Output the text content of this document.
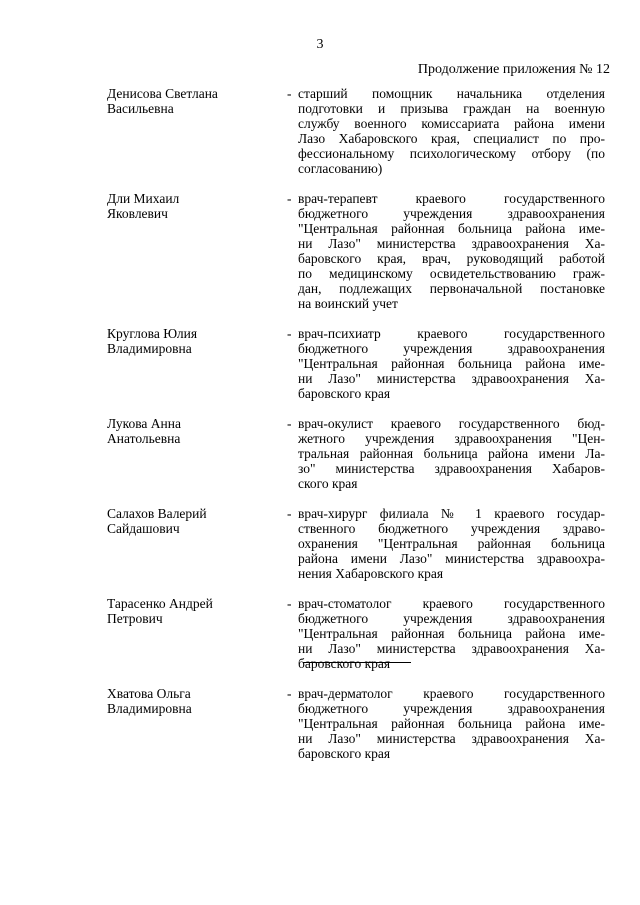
3
Продолжение приложения № 12
Денисова Светлана
Васильевна
- старший помощник начальника отделения
подготовки и призыва граждан на военную
службу военного комиссариата района имени
Лазо Хабаровского края, специалист по про-
фессиональному психологическому отбору (по
согласованию)
Дли Михаил
Яковлевич
- врач-терапевт краевого государственного
бюджетного учреждения здравоохранения
"Центральная районная больница района име-
ни Лазо" министерства здравоохранения Ха-
баровского края, врач, руководящий работой
по медицинскому освидетельствованию граж-
дан, подлежащих первоначальной постановке
на воинский учет
Круглова Юлия
Владимировна
- врач-психиатр краевого государственного
бюджетного учреждения здравоохранения
"Центральная районная больница района име-
ни Лазо" министерства здравоохранения Ха-
баровского края
Лукова Анна
Анатольевна
- врач-окулист краевого государственного бюд-
жетного учреждения здравоохранения "Цен-
тральная районная больница района имени Ла-
зо" министерства здравоохранения Хабаров-
ского края
Салахов Валерий
Сайдашович
- врач-хирург филиала № 1 краевого государ-
ственного бюджетного учреждения здраво-
охранения "Центральная районная больница
района имени Лазо" министерства здравоохра-
нения Хабаровского края
Тарасенко Андрей
Петрович
- врач-стоматолог краевого государственного
бюджетного учреждения здравоохранения
"Центральная районная больница района име-
ни Лазо" министерства здравоохранения Ха-
баровского края
Хватова Ольга
Владимировна
- врач-дерматолог краевого государственного
бюджетного учреждения здравоохранения
"Центральная районная больница района име-
ни Лазо" министерства здравоохранения Ха-
баровского края
